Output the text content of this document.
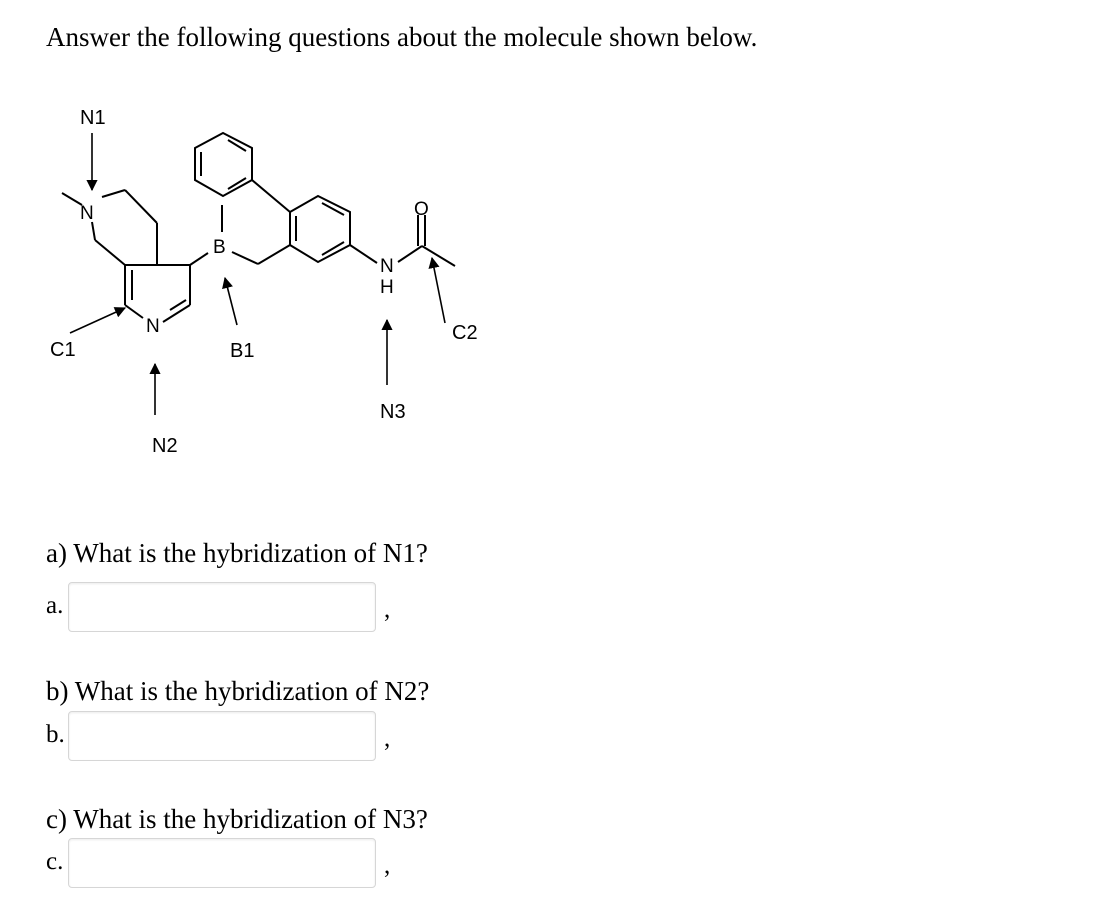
Answer the following questions about the molecule shown below.
N
N
B
N
H
O
N1
C1
N2
B1
N3
C2

a) What is the hybridization of N1?

a.	,

b) What is the hybridization of N2?

b.	,

c) What is the hybridization of N3?

c.	,
